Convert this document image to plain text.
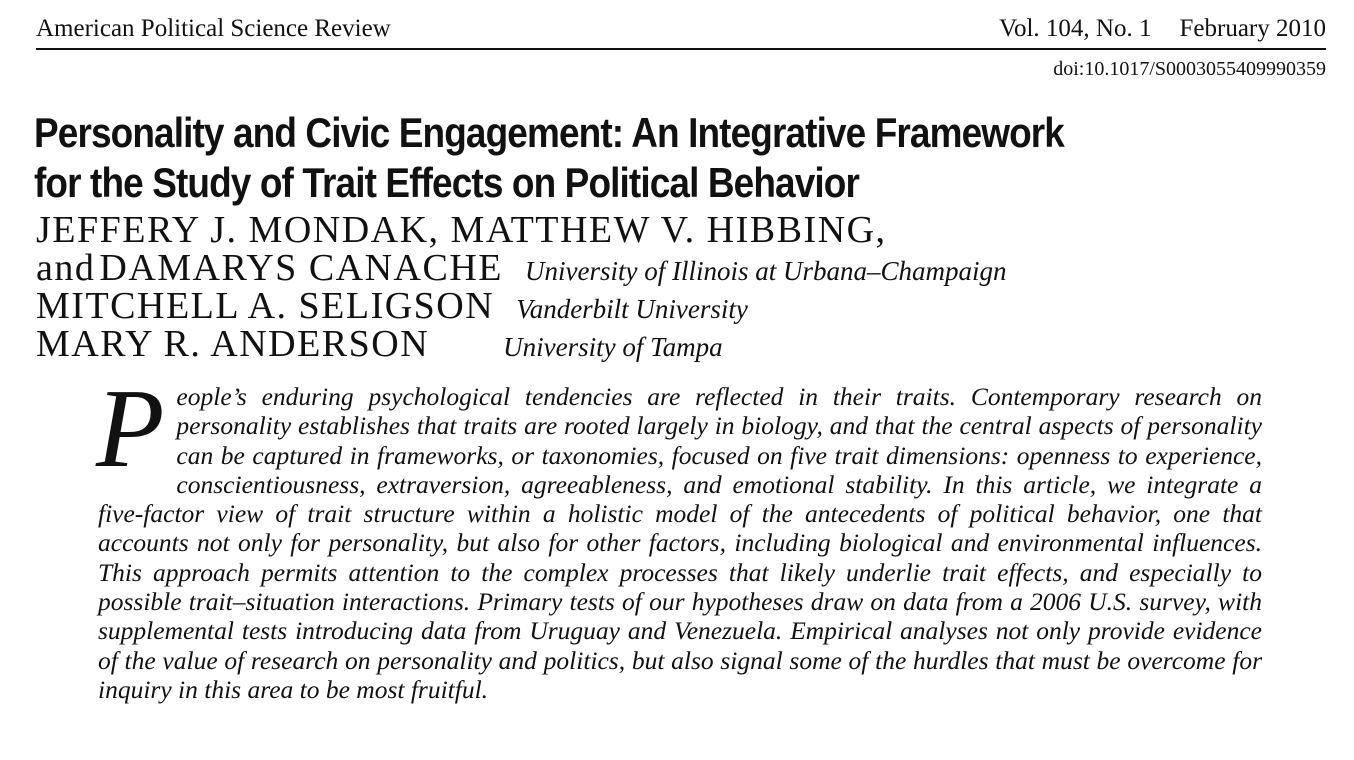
American Political Science Review	Vol. 104, No. 1 February 2010
doi:10.1017/S0003055409990359
Personality and Civic Engagement: An Integrative Framework
for the Study of Trait Effects on Political Behavior
JEFFERY J. MONDAK, MATTHEW V. HIBBING,
and DAMARYS CANACHE University of Illinois at Urbana–Champaign
MITCHELL A. SELIGSON Vanderbilt University
MARY R. ANDERSON	University of Tampa
People’s enduring psychological tendencies are reflected in their traits. Contemporary research on personality establishes that traits are rooted largely in biology, and that the central aspects of personality can be captured in frameworks, or taxonomies, focused on five trait dimensions: openness to experience, conscientiousness, extraversion, agreeableness, and emotional stability. In this article, we integrate a five-factor view of trait structure within a holistic model of the antecedents of political behavior, one that accounts not only for personality, but also for other factors, including biological and environmental influences. This approach permits attention to the complex processes that likely underlie trait effects, and especially to possible trait–situation interactions. Primary tests of our hypotheses draw on data from a 2006 U.S. survey, with supplemental tests introducing data from Uruguay and Venezuela. Empirical analyses not only provide evidence of the value of research on personality and politics, but also signal some of the hurdles that must be overcome for inquiry in this area to be most fruitful.
